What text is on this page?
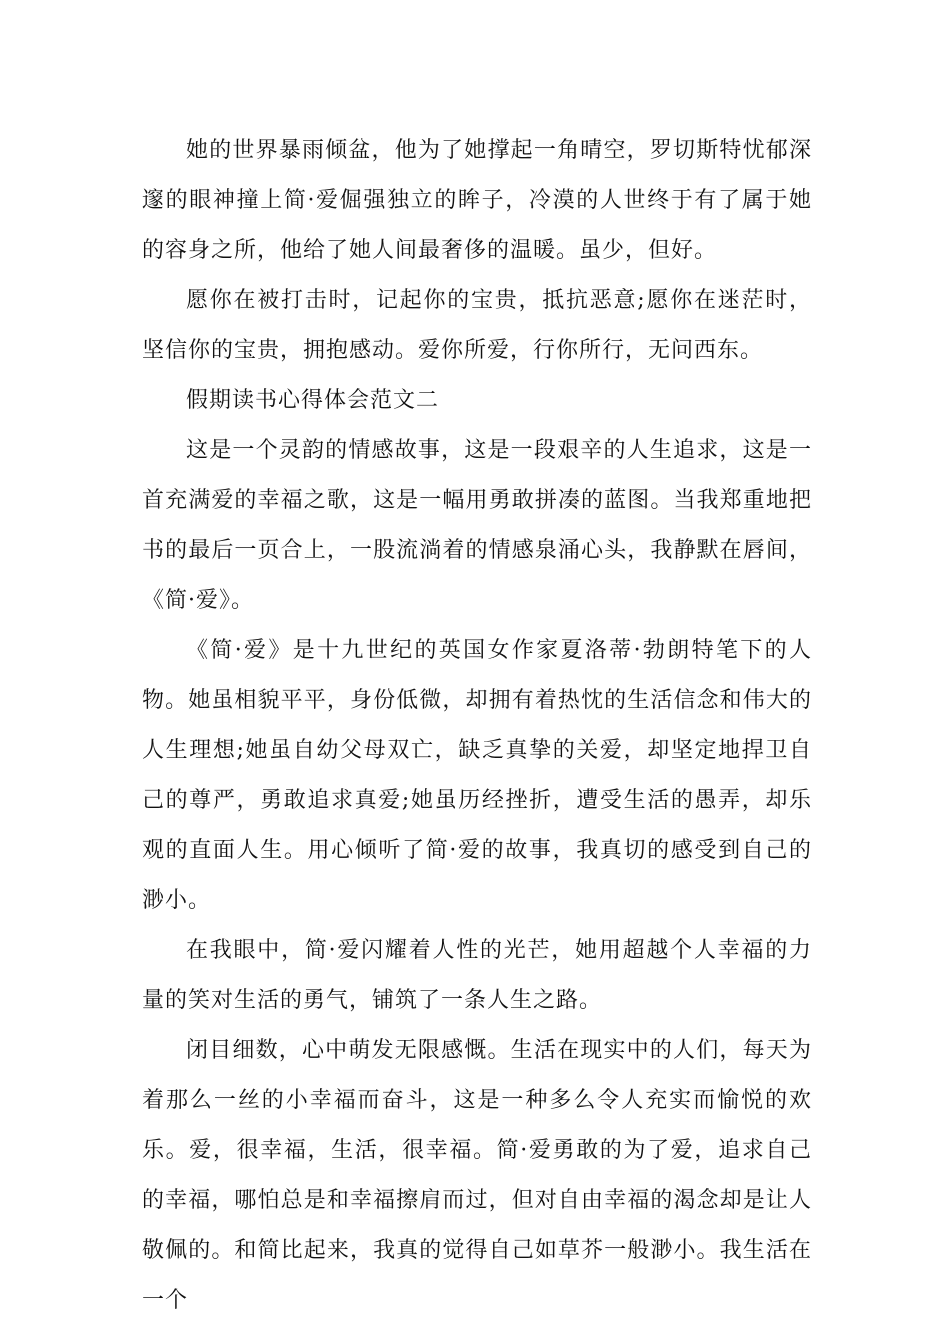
她的世界暴雨倾盆，他为了她撑起一角晴空，罗切斯特忧郁深邃的眼神撞上简·爱倔强独立的眸子，冷漠的人世终于有了属于她的容身之所，他给了她人间最奢侈的温暖。虽少，但好。

愿你在被打击时，记起你的宝贵，抵抗恶意;愿你在迷茫时，坚信你的宝贵，拥抱感动。爱你所爱，行你所行，无问西东。

假期读书心得体会范文二

这是一个灵韵的情感故事，这是一段艰辛的人生追求，这是一首充满爱的幸福之歌，这是一幅用勇敢拼凑的蓝图。当我郑重地把书的最后一页合上，一股流淌着的情感泉涌心头，我静默在唇间，《简·爱》。

《简·爱》是十九世纪的英国女作家夏洛蒂·勃朗特笔下的人物。她虽相貌平平，身份低微，却拥有着热忱的生活信念和伟大的人生理想;她虽自幼父母双亡，缺乏真挚的关爱，却坚定地捍卫自己的尊严，勇敢追求真爱;她虽历经挫折，遭受生活的愚弄，却乐观的直面人生。用心倾听了简·爱的故事，我真切的感受到自己的渺小。

在我眼中，简·爱闪耀着人性的光芒，她用超越个人幸福的力量的笑对生活的勇气，铺筑了一条人生之路。

闭目细数，心中萌发无限感慨。生活在现实中的人们，每天为着那么一丝的小幸福而奋斗，这是一种多么令人充实而愉悦的欢乐。爱，很幸福，生活，很幸福。简·爱勇敢的为了爱，追求自己的幸福，哪怕总是和幸福擦肩而过，但对自由幸福的渴念却是让人敬佩的。和简比起来，我真的觉得自己如草芥一般渺小。我生活在一个
